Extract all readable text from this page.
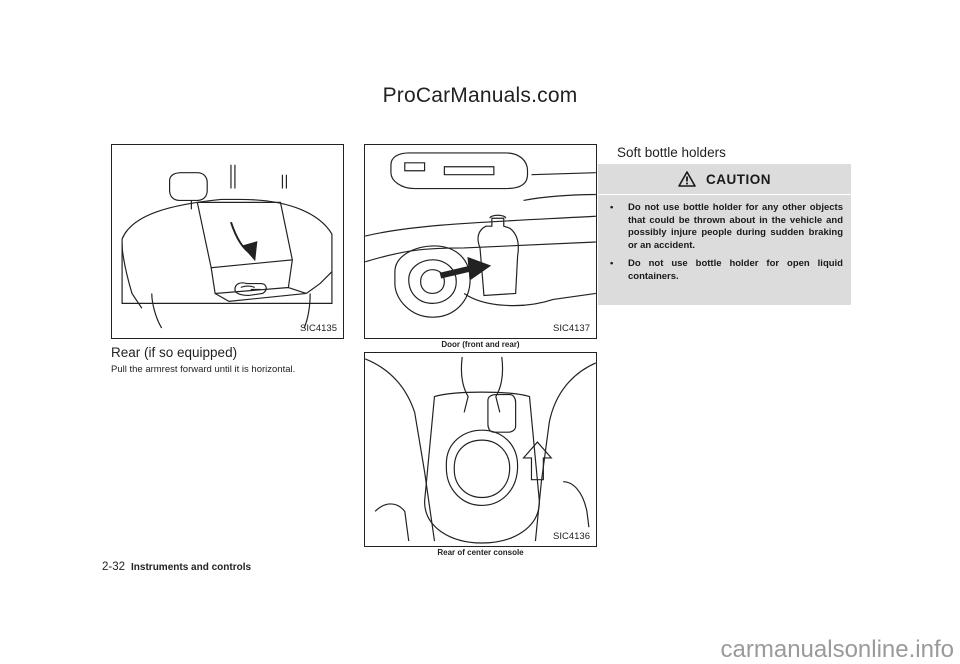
ProCarManuals.com
SIC4135
Rear (if so equipped)
Pull the armrest forward until it is horizontal.
SIC4137
Door (front and rear)
SIC4136
Rear of center console
Soft bottle holders
CAUTION
• Do not use bottle holder for any other objects that could be thrown about in the vehicle and possibly injure people during sudden braking or an accident.
• Do not use bottle holder for open liquid containers.
2-32 Instruments and controls
carmanualsonline.info
